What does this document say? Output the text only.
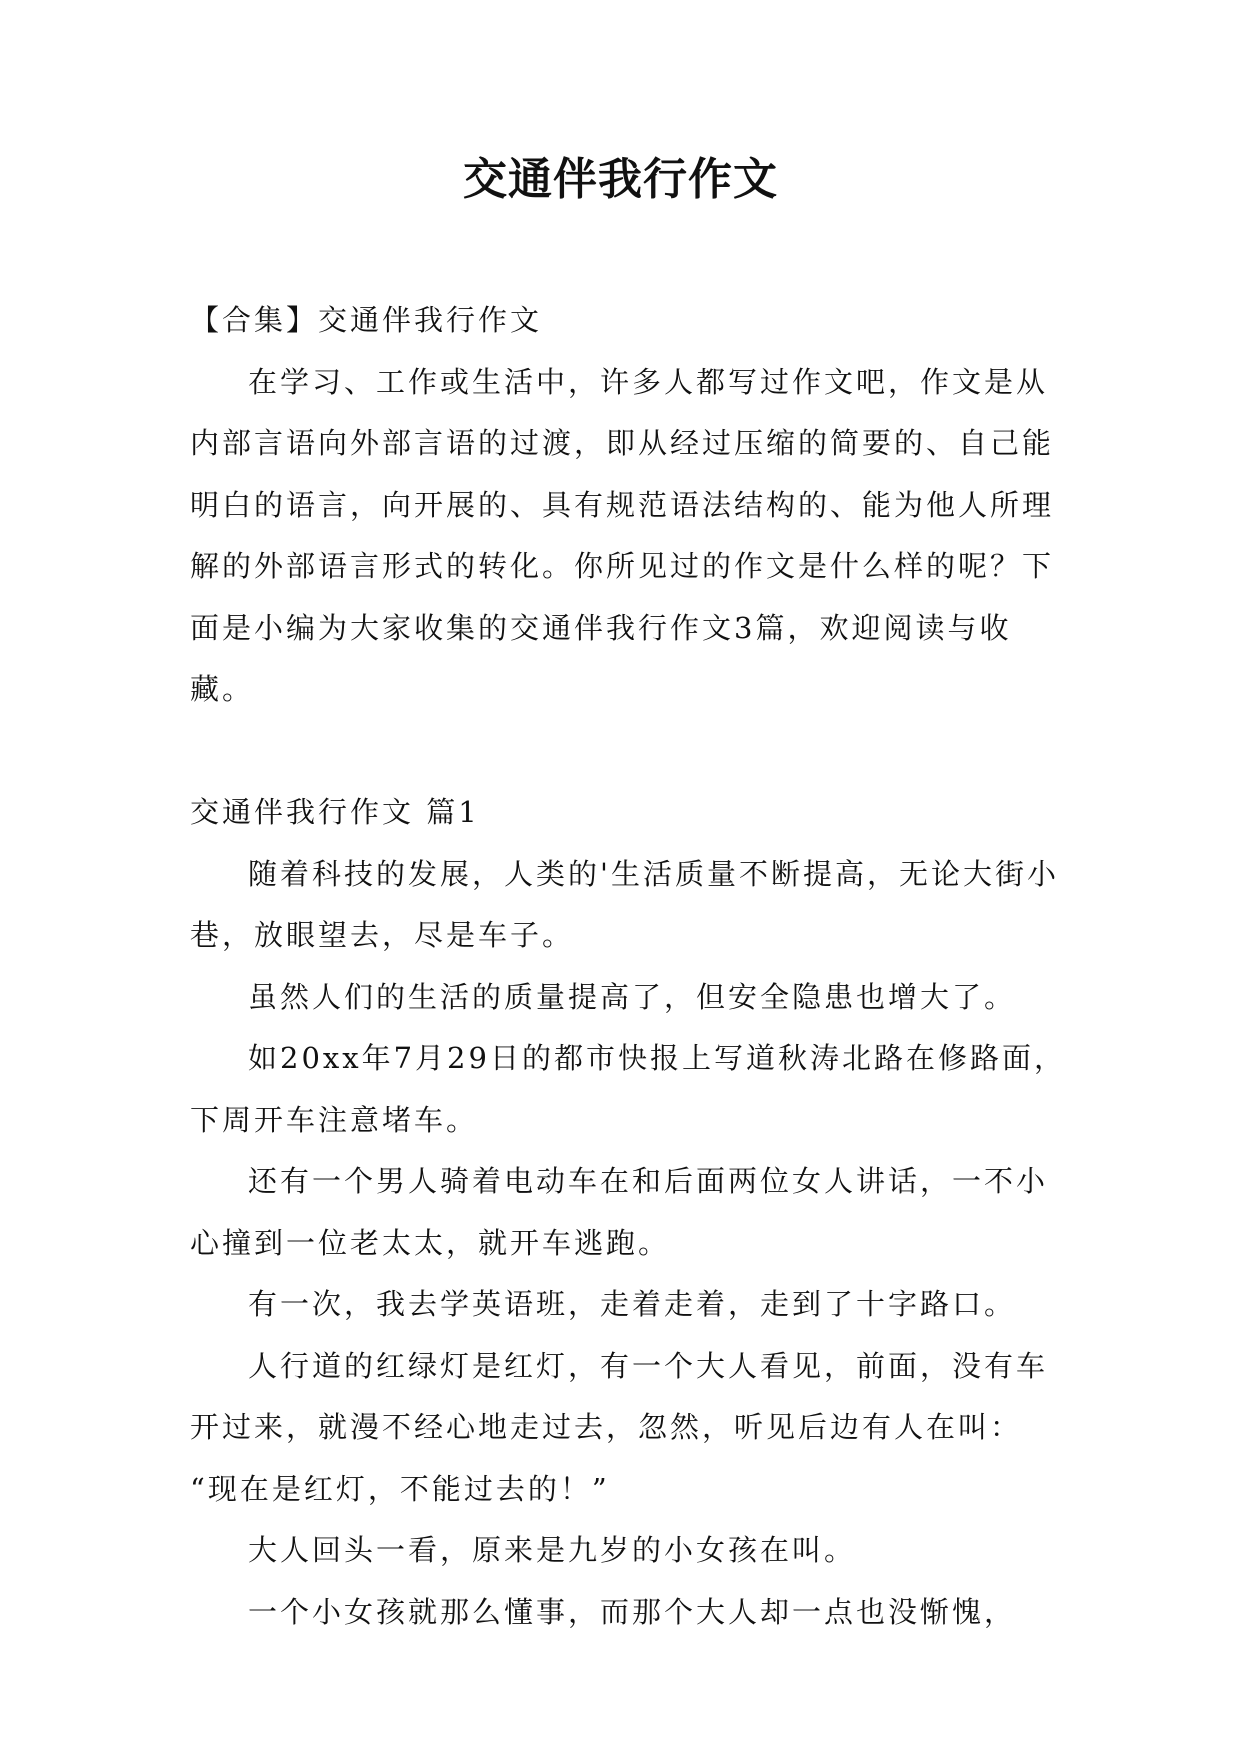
交通伴我行作文

【合集】交通伴我行作文

在学习、工作或生活中，许多人都写过作文吧，作文是从内部言语向外部言语的过渡，即从经过压缩的简要的、自己能明白的语言，向开展的、具有规范语法结构的、能为他人所理解的外部语言形式的转化。你所见过的作文是什么样的呢？下面是小编为大家收集的交通伴我行作文3篇，欢迎阅读与收藏。

交通伴我行作文 篇1

随着科技的发展，人类的'生活质量不断提高，无论大街小巷，放眼望去，尽是车子。

虽然人们的生活的质量提高了，但安全隐患也增大了。

如20xx年7月29日的都市快报上写道秋涛北路在修路面，下周开车注意堵车。

还有一个男人骑着电动车在和后面两位女人讲话，一不小心撞到一位老太太，就开车逃跑。

有一次，我去学英语班，走着走着，走到了十字路口。

人行道的红绿灯是红灯，有一个大人看见，前面，没有车开过来，就漫不经心地走过去，忽然，听见后边有人在叫：

“现在是红灯，不能过去的！”

大人回头一看，原来是九岁的小女孩在叫。

一个小女孩就那么懂事，而那个大人却一点也没惭愧，
